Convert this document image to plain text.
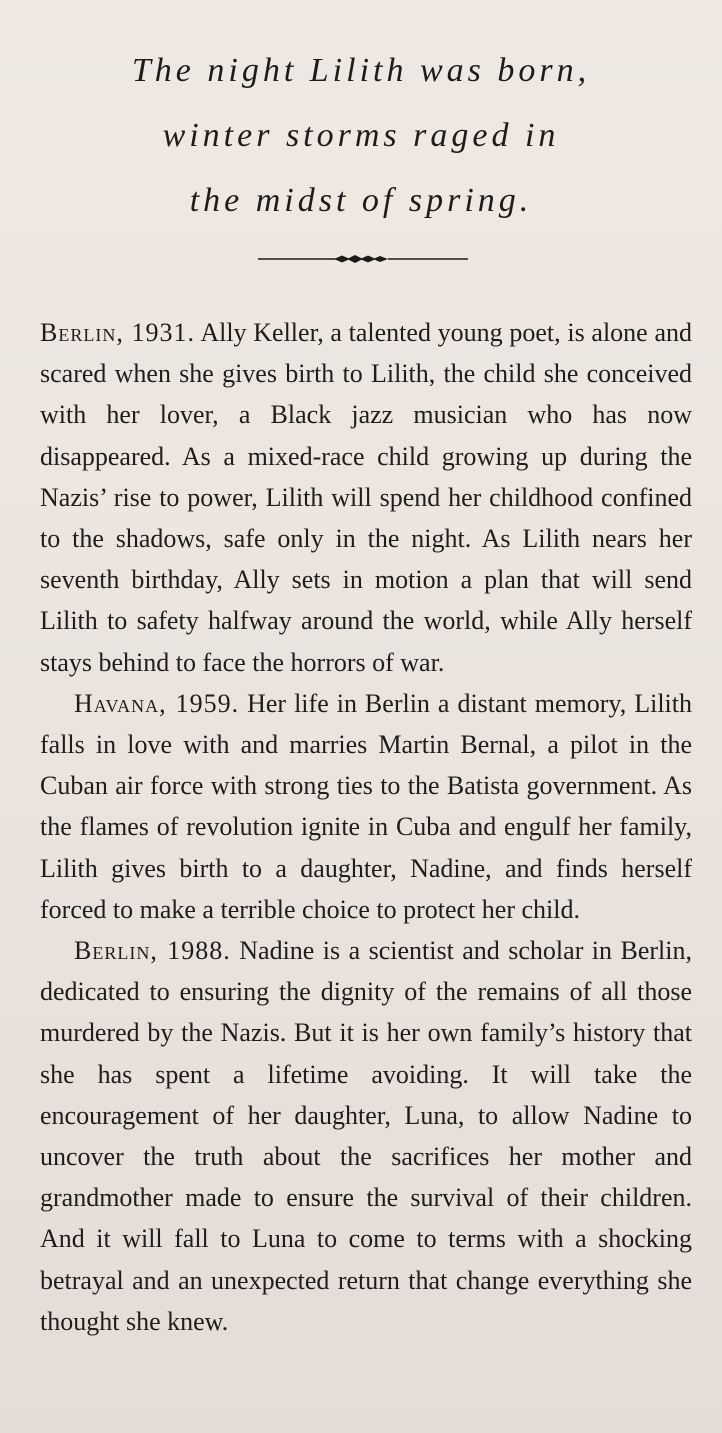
The night Lilith was born,
winter storms raged in
the midst of spring.

Berlin, 1931. Ally Keller, a talented young poet, is alone and scared when she gives birth to Lilith, the child she conceived with her lover, a Black jazz musician who has now disappeared. As a mixed-race child growing up during the Nazis’ rise to power, Lilith will spend her childhood confined to the shadows, safe only in the night. As Lilith nears her seventh birthday, Ally sets in motion a plan that will send Lilith to safety halfway around the world, while Ally herself stays behind to face the horrors of war.

Havana, 1959. Her life in Berlin a distant memory, Lilith falls in love with and marries Martin Bernal, a pilot in the Cuban air force with strong ties to the Batista government. As the flames of revolution ignite in Cuba and engulf her family, Lilith gives birth to a daughter, Nadine, and finds herself forced to make a terrible choice to protect her child.

Berlin, 1988. Nadine is a scientist and scholar in Berlin, dedicated to ensuring the dignity of the remains of all those murdered by the Nazis. But it is her own family’s history that she has spent a lifetime avoiding. It will take the encouragement of her daughter, Luna, to allow Nadine to uncover the truth about the sacrifices her mother and grandmother made to ensure the survival of their children. And it will fall to Luna to come to terms with a shocking betrayal and an unexpected return that change everything she thought she knew.
